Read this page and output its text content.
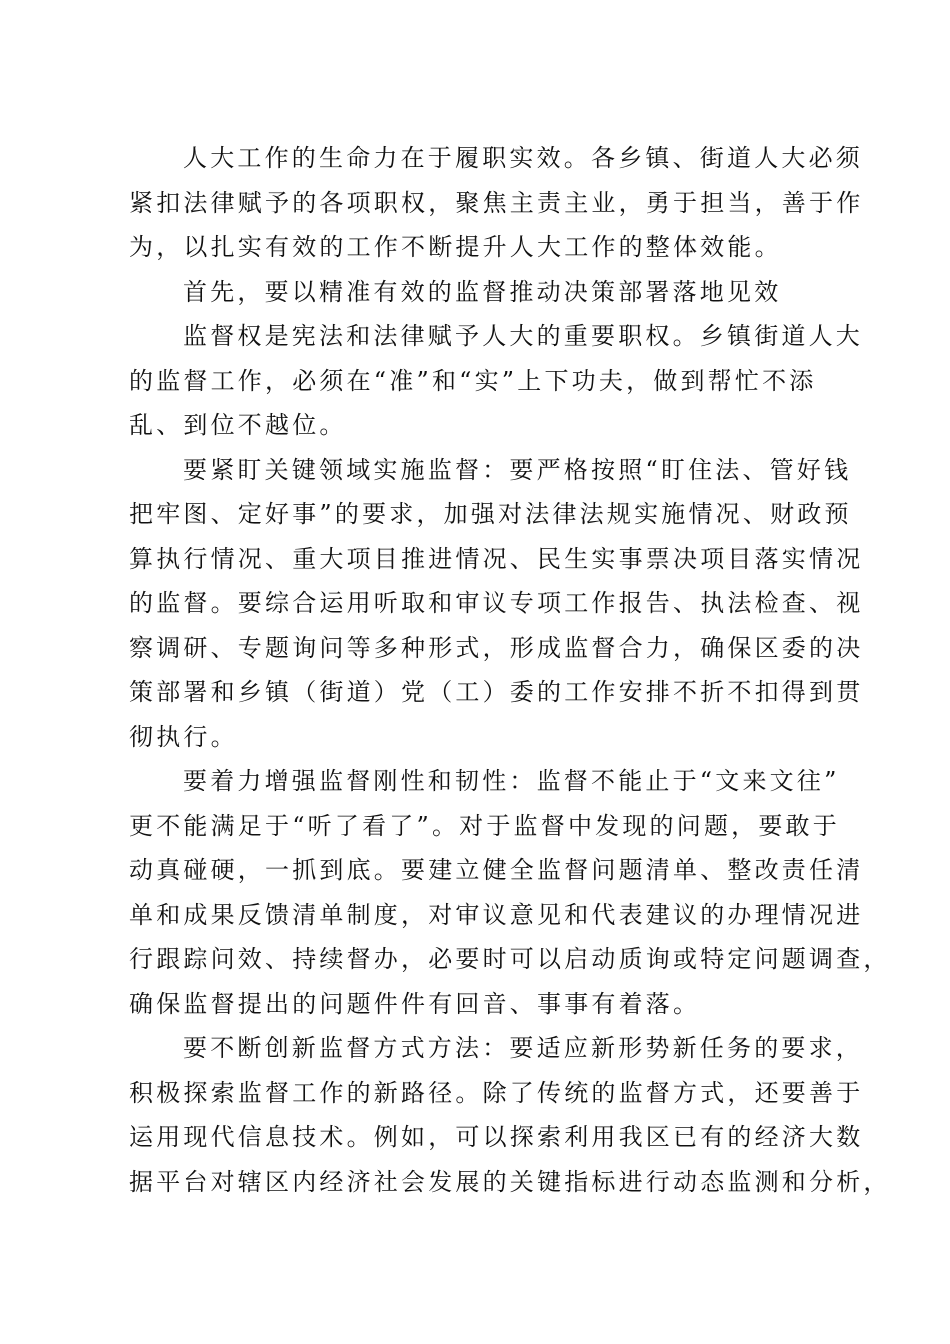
人大工作的生命力在于履职实效。各乡镇、街道人大必须
紧扣法律赋予的各项职权，聚焦主责主业，勇于担当，善于作
为，以扎实有效的工作不断提升人大工作的整体效能。

首先，要以精准有效的监督推动决策部署落地见效

监督权是宪法和法律赋予人大的重要职权。乡镇街道人大
的监督工作，必须在“准”和“实”上下功夫，做到帮忙不添
乱、到位不越位。

要紧盯关键领域实施监督：要严格按照“盯住法、管好钱
把牢图、定好事”的要求，加强对法律法规实施情况、财政预
算执行情况、重大项目推进情况、民生实事票决项目落实情况
的监督。要综合运用听取和审议专项工作报告、执法检查、视
察调研、专题询问等多种形式，形成监督合力，确保区委的决
策部署和乡镇（街道）党（工）委的工作安排不折不扣得到贯
彻执行。

要着力增强监督刚性和韧性：监督不能止于“文来文往”
更不能满足于“听了看了”。对于监督中发现的问题，要敢于
动真碰硬，一抓到底。要建立健全监督问题清单、整改责任清
单和成果反馈清单制度，对审议意见和代表建议的办理情况进
行跟踪问效、持续督办，必要时可以启动质询或特定问题调查，
确保监督提出的问题件件有回音、事事有着落。

要不断创新监督方式方法：要适应新形势新任务的要求，
积极探索监督工作的新路径。除了传统的监督方式，还要善于
运用现代信息技术。例如，可以探索利用我区已有的经济大数
据平台对辖区内经济社会发展的关键指标进行动态监测和分析，
